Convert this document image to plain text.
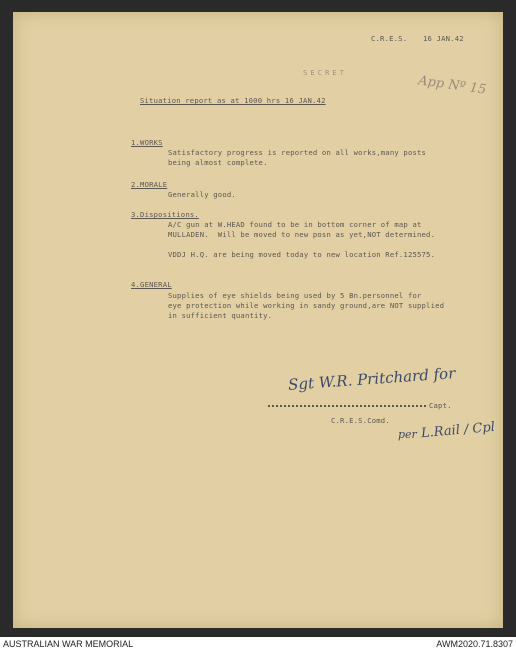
C.R.E.S. 16 JAN.42
SECRET
App Nº 15
Situation report as at 1000 hrs 16 JAN.42
1.WORKS
Satisfactory progress is reported on all works,many posts
being almost complete.
2.MORALE
Generally good.
3.Dispositions.
A/C gun at W.HEAD found to be in bottom corner of map at
MULLADEN.  Will be moved to new posn as yet,NOT determined.
VDDJ H.Q. are being moved today to new location Ref.125575.
4.GENERAL
Supplies of eye shields being used by 5 Bn.personnel for
eye protection while working in sandy ground,are NOT supplied
in sufficient quantity.
Sgt W.R. Pritchard for
Capt.
C.R.E.S.Comd.
per L.Rail / Cpl
AUSTRALIAN WAR MEMORIAL	AWM2020.71.8307
